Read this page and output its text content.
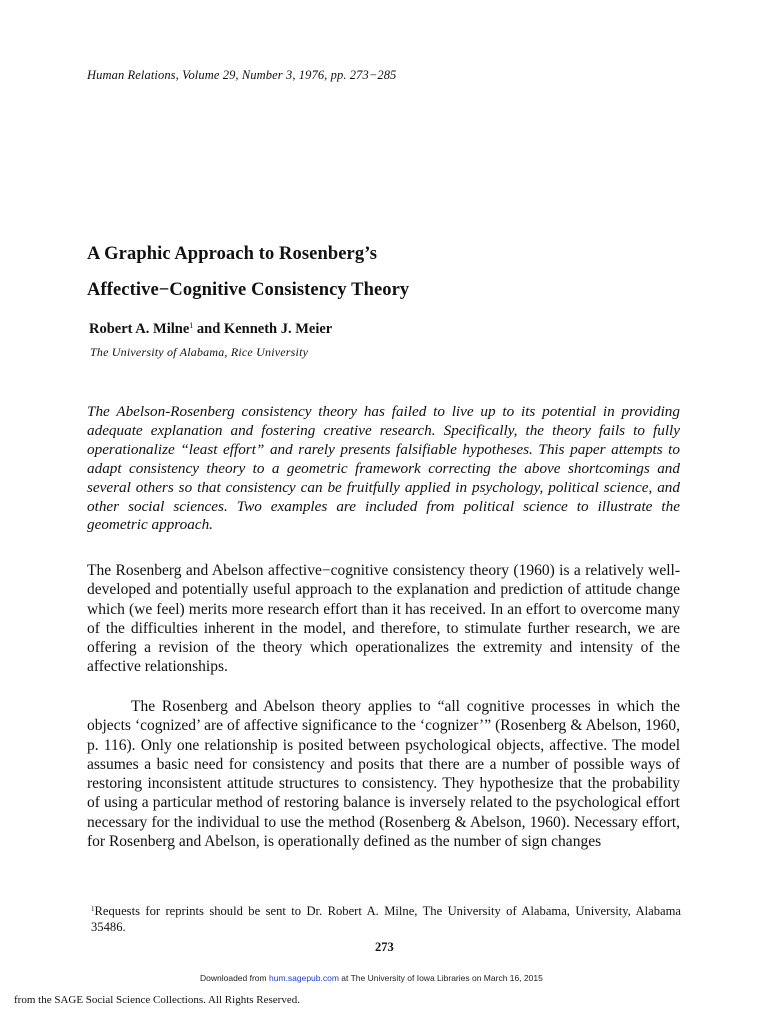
Human Relations, Volume 29, Number 3, 1976, pp. 273−285
A Graphic Approach to Rosenberg’s
Affective−Cognitive Consistency Theory
Robert A. Milne$^1$ and Kenneth J. Meier
The University of Alabama, Rice University
The Abelson-Rosenberg consistency theory has failed to live up to its potential in providing adequate explanation and fostering creative research. Specifically, the theory fails to fully operationalize “least effort” and rarely presents falsifiable hypotheses. This paper attempts to adapt consistency theory to a geometric framework correcting the above shortcomings and several others so that consistency can be fruitfully applied in psychology, political science, and other social sciences. Two examples are included from political science to illustrate the geometric approach.
The Rosenberg and Abelson affective−cognitive consistency theory (1960) is a relatively well-developed and potentially useful approach to the explanation and prediction of attitude change which (we feel) merits more research effort than it has received. In an effort to overcome many of the difficulties inherent in the model, and therefore, to stimulate further research, we are offering a revision of the theory which operationalizes the extremity and intensity of the affective relationships.
The Rosenberg and Abelson theory applies to “all cognitive processes in which the objects ‘cognized’ are of affective significance to the ‘cognizer’” (Rosenberg & Abelson, 1960, p. 116). Only one relationship is posited between psychological objects, affective. The model assumes a basic need for consistency and posits that there are a number of possible ways of restoring inconsistent attitude structures to consistency. They hypothesize that the probability of using a particular method of restoring balance is inversely related to the psychological effort necessary for the individual to use the method (Rosenberg & Abelson, 1960). Necessary effort, for Rosenberg and Abelson, is operationally defined as the number of sign changes
$^1$Requests for reprints should be sent to Dr. Robert A. Milne, The University of Alabama, University, Alabama 35486.
273
Downloaded from hum.sagepub.com at The University of Iowa Libraries on March 16, 2015
from the SAGE Social Science Collections. All Rights Reserved.
